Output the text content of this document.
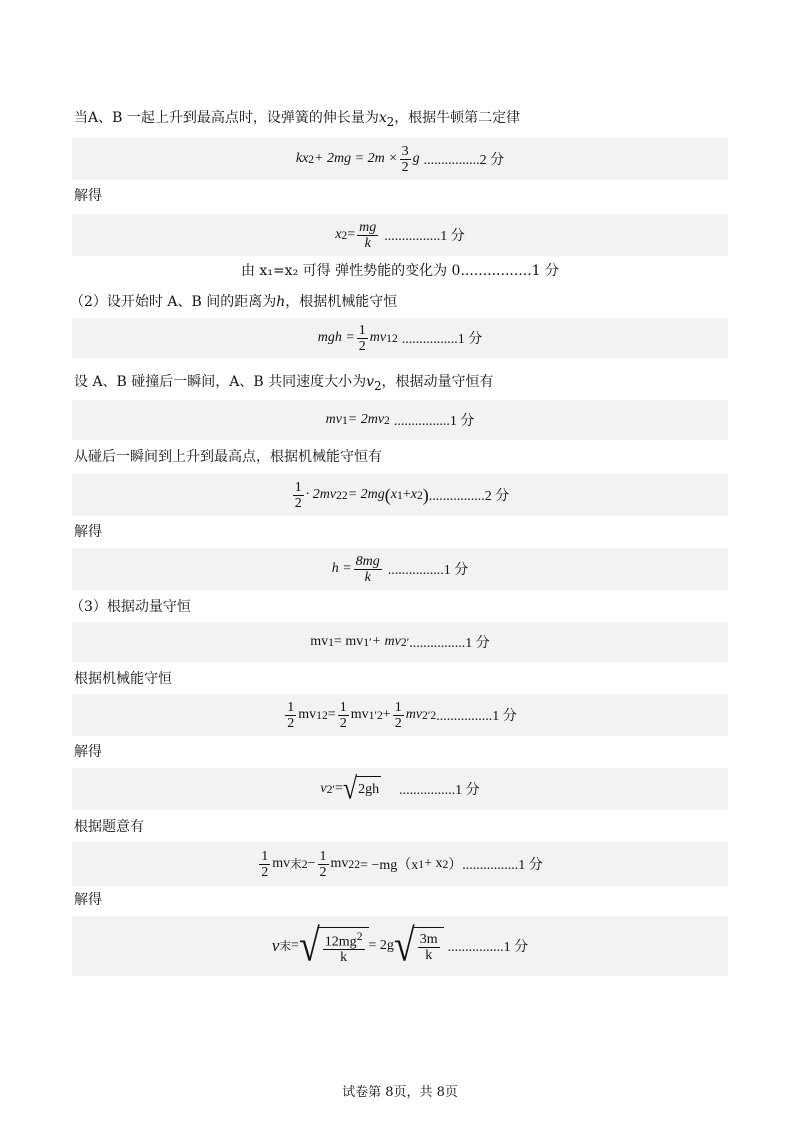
当A、B 一起上升到最高点时，设弹簧的伸长量为$x_2$，根据牛顿第二定律
kx $2 + 2mg = 2m \times \frac{3}{2}$ g ................2 分
解得
x $2 = \frac{mg}{k} ................1$ 分
由 x₁=x₂ 可得 弹性势能的变化为 0................1 分
（2）设开始时 A、B 间的距离为h，根据机械能守恒
mgh = $\frac{1}{2}$ mv 1 2 ................1 分
设 A、B 碰撞后一瞬间，A、B 共同速度大小为$v_2$，根据动量守恒有
mv 1 = 2mv 2 ................1 分
从碰后一瞬间到上升到最高点，根据机械能守恒有
$\frac{1}{2} \cdot 2mv$ 2 2 = 2mg ( x 1 + x 2 ) ................2 分
解得
$h = \frac{8mg}{k} ................1$ 分
（3）根据动量守恒
mv 1 = mv 1 ′ + mv 2 ′ ................1 分
根据机械能守恒
$\frac{1}{2}$ mv 1 $2 = \frac{1}{2}$ mv 1 $'2 + \frac{1}{2}$ mv 2 ′2 ................1 分
解得
v 2 ′ = √ 2gh ................1 分
根据题意有
$\frac{1}{2}$ mv 末 $2 - \frac{1}{2}$ mv 2 2 = −mg（x 1 + x 2 ） ................1 分
解得
v 末 = √ $\frac{12mg^2}{k} = 2g$ √ $\frac{3m}{k} ................1$ 分
试卷第 8页，共 8页
